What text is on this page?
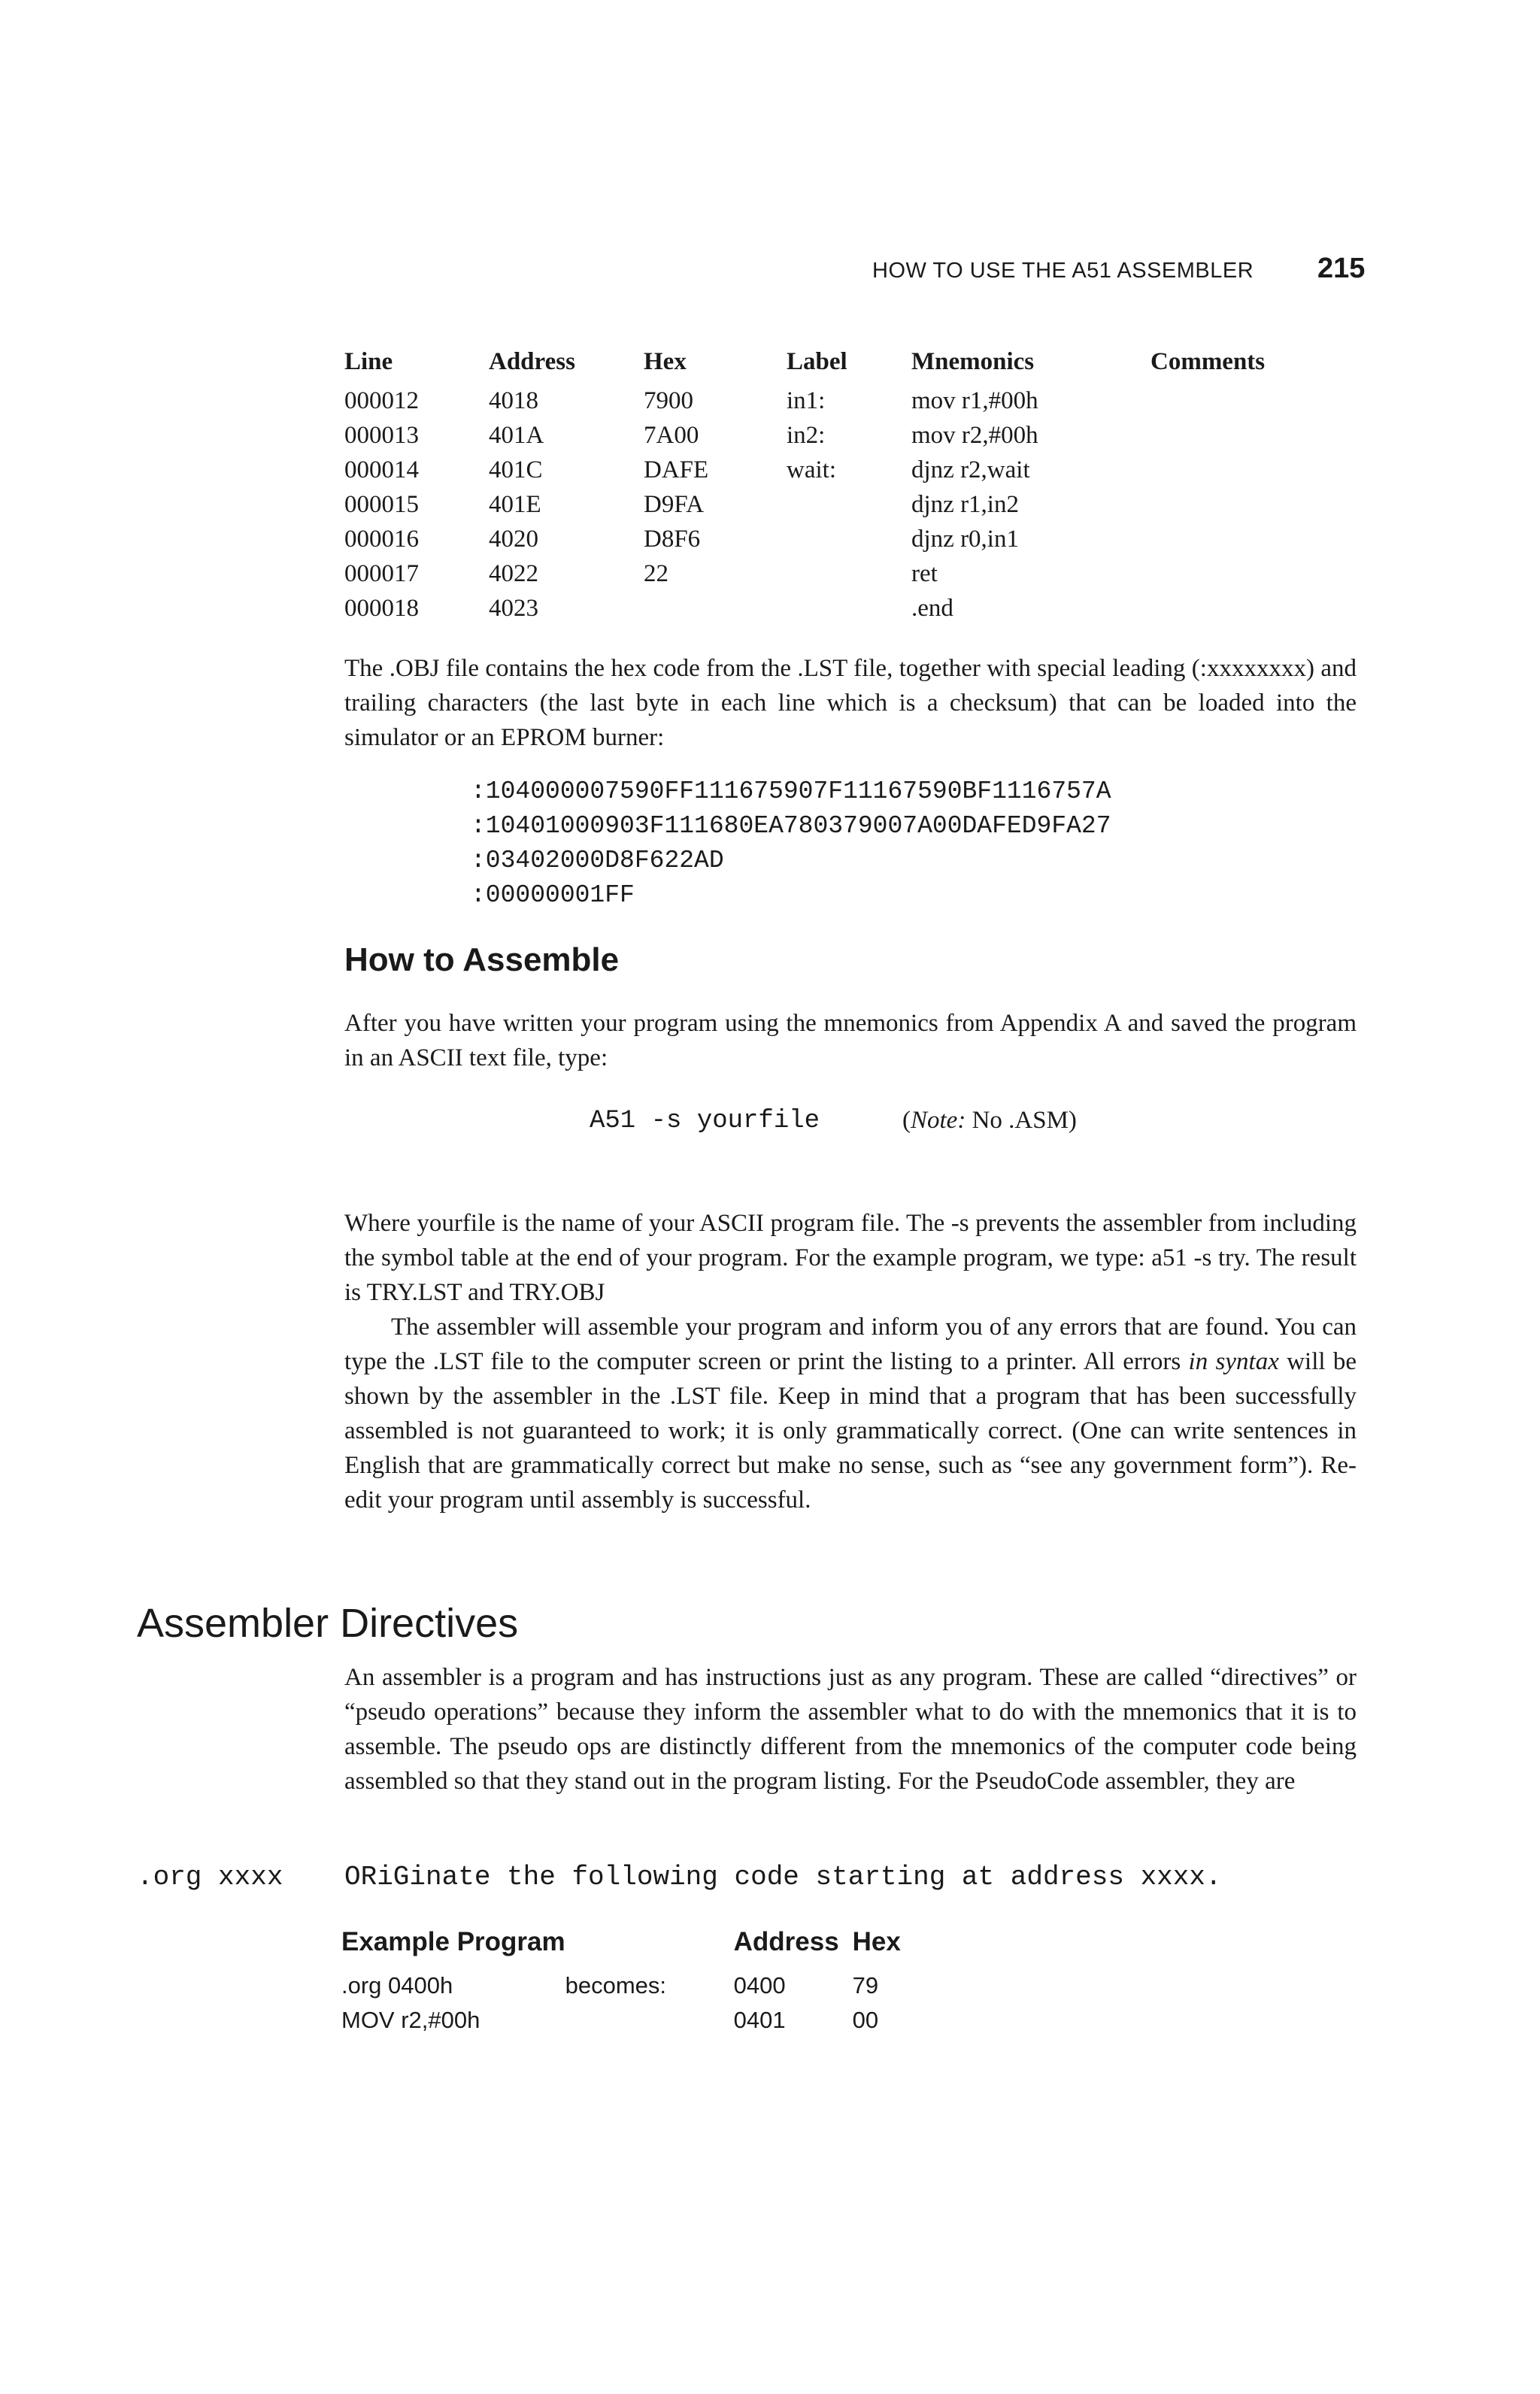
HOW TO USE THE A51 ASSEMBLER 215
Line	Address	Hex	Label	Mnemonics	Comments
000012	4018	7900	in1:	mov r1,#00h	
000013	401A	7A00	in2:	mov r2,#00h	
000014	401C	DAFE	wait:	djnz r2,wait	
000015	401E	D9FA		djnz r1,in2	
000016	4020	D8F6		djnz r0,in1	
000017	4022	22		ret	
000018	4023			.end	

The .OBJ file contains the hex code from the .LST file, together with special leading (:xxxxxxxx) and trailing characters (the last byte in each line which is a checksum) that can be loaded into the simulator or an EPROM burner:

:104000007590FF111675907F11167590BF1116757A
:10401000903F111680EA780379007A00DAFED9FA27
:03402000D8F622AD
:00000001FF
How to Assemble

After you have written your program using the mnemonics from Appendix A and saved the program in an ASCII text file, type:

A51 -s yourfile	(Note: No .ASM)

Where yourfile is the name of your ASCII program file. The -s prevents the assembler from including the symbol table at the end of your program. For the example program, we type: a51 -s try. The result is TRY.LST and TRY.OBJ

The assembler will assemble your program and inform you of any errors that are found. You can type the .LST file to the computer screen or print the listing to a printer. All errors in syntax will be shown by the assembler in the .LST file. Keep in mind that a program that has been successfully assembled is not guaranteed to work; it is only grammatically correct. (One can write sentences in English that are grammatically correct but make no sense, such as “see any government form”). Re-edit your program until assembly is successful.

Assembler Directives

An assembler is a program and has instructions just as any program. These are called “directives” or “pseudo operations” because they inform the assembler what to do with the mnemonics that it is to assemble. The pseudo ops are distinctly different from the mnemonics of the computer code being assembled so that they stand out in the program listing. For the PseudoCode assembler, they are

.org xxxx ORiGinate the following code starting at address xxxx.
Example Program		Address	Hex
.org 0400h	becomes:	0400	79
MOV r2,#00h		0401	00
